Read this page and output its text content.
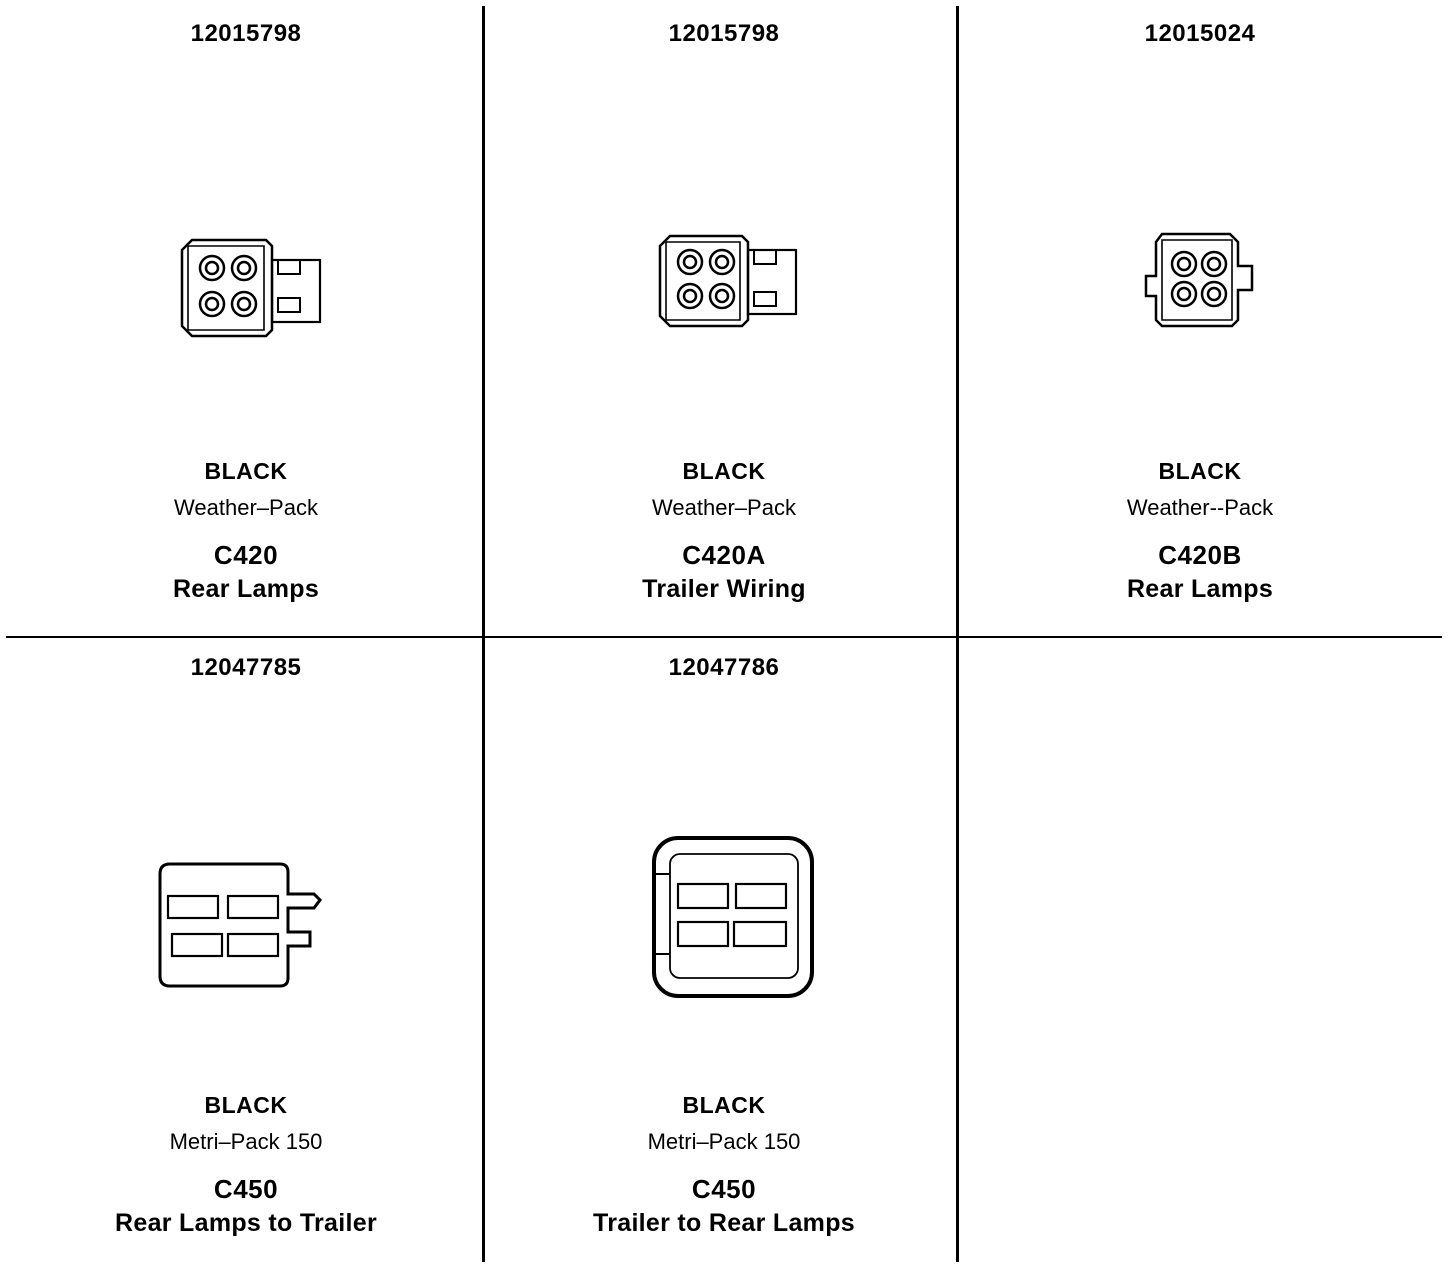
12015798
BLACK
Weather–Pack
C420
Rear Lamps
12015798
BLACK
Weather–Pack
C420A
Trailer Wiring
12015024
BLACK
Weather--Pack
C420B
Rear Lamps
12047785
BLACK
Metri–Pack 150
C450
Rear Lamps to Trailer
12047786
BLACK
Metri–Pack 150
C450
Trailer to Rear Lamps
